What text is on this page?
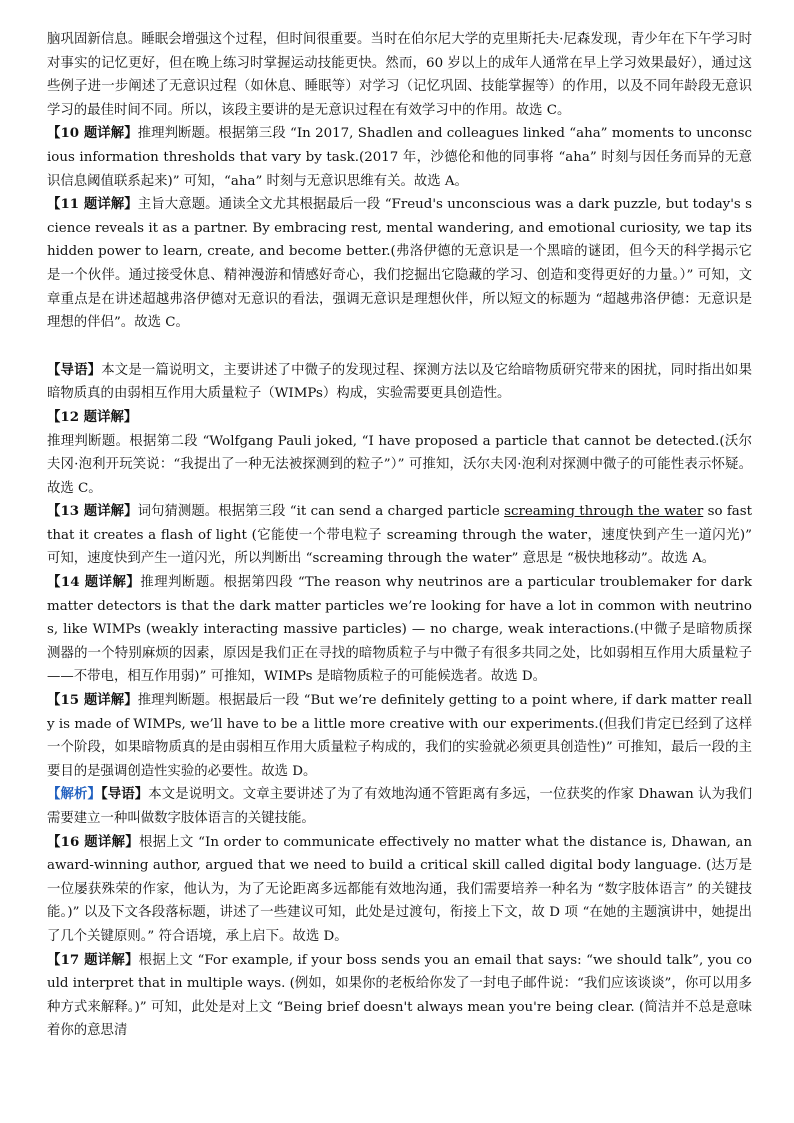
脑巩固新信息。睡眠会增强这个过程，但时间很重要。当时在伯尔尼大学的克里斯托夫·尼森发现，青少年在下午学习时对事实的记忆更好，但在晚上练习时掌握运动技能更快。然而，60 岁以上的成年人通常在早上学习效果最好），通过这些例子进一步阐述了无意识过程（如休息、睡眠等）对学习（记忆巩固、技能掌握等）的作用，以及不同年龄段无意识学习的最佳时间不同。所以，该段主要讲的是无意识过程在有效学习中的作用。故选 C。

【10 题详解】推理判断题。根据第三段 “In 2017, Shadlen and colleagues linked “aha” moments to unconscious information thresholds that vary by task.(2017 年，沙德伦和他的同事将 “aha” 时刻与因任务而异的无意识信息阈值联系起来)” 可知，“aha” 时刻与无意识思维有关。故选 A。

【11 题详解】主旨大意题。通读全文尤其根据最后一段 “Freud's unconscious was a dark puzzle, but today's science reveals it as a partner. By embracing rest, mental wandering, and emotional curiosity, we tap its hidden power to learn, create, and become better.(弗洛伊德的无意识是一个黑暗的谜团，但今天的科学揭示它是一个伙伴。通过接受休息、精神漫游和情感好奇心，我们挖掘出它隐藏的学习、创造和变得更好的力量。）” 可知，文章重点是在讲述超越弗洛伊德对无意识的看法，强调无意识是理想伙伴，所以短文的标题为 “超越弗洛伊德：无意识是理想的伴侣”。故选 C。

【导语】本文是一篇说明文，主要讲述了中微子的发现过程、探测方法以及它给暗物质研究带来的困扰，同时指出如果暗物质真的由弱相互作用大质量粒子（WIMPs）构成，实验需要更具创造性。

【12 题详解】

推理判断题。根据第二段 “Wolfgang Pauli joked, “I have proposed a particle that cannot be detected.(沃尔夫冈·泡利开玩笑说：“我提出了一种无法被探测到的粒子”）” 可推知，沃尔夫冈·泡利对探测中微子的可能性表示怀疑。故选 C。

【13 题详解】词句猜测题。根据第三段 “it can send a charged particle screaming through the water so fast that it creates a flash of light (它能使一个带电粒子 screaming through the water，速度快到产生一道闪光)” 可知，速度快到产生一道闪光，所以判断出 “screaming through the water” 意思是 “极快地移动”。故选 A。

【14 题详解】推理判断题。根据第四段 “The reason why neutrinos are a particular troublemaker for dark matter detectors is that the dark matter particles we’re looking for have a lot in common with neutrinos, like WIMPs (weakly interacting massive particles) — no charge, weak interactions.(中微子是暗物质探测器的一个特别麻烦的因素，原因是我们正在寻找的暗物质粒子与中微子有很多共同之处，比如弱相互作用大质量粒子——不带电，相互作用弱)” 可推知，WIMPs 是暗物质粒子的可能候选者。故选 D。

【15 题详解】推理判断题。根据最后一段 “But we’re definitely getting to a point where, if dark matter really is made of WIMPs, we’ll have to be a little more creative with our experiments.(但我们肯定已经到了这样一个阶段，如果暗物质真的是由弱相互作用大质量粒子构成的，我们的实验就必须更具创造性)” 可推知，最后一段的主要目的是强调创造性实验的必要性。故选 D。

【解析】【导语】本文是说明文。文章主要讲述了为了有效地沟通不管距离有多远，一位获奖的作家 Dhawan 认为我们需要建立一种叫做数字肢体语言的关键技能。

【16 题详解】根据上文 “In order to communicate effectively no matter what the distance is, Dhawan, an award-winning author, argued that we need to build a critical skill called digital body language. (达万是一位屡获殊荣的作家，他认为，为了无论距离多远都能有效地沟通，我们需要培养一种名为 “数字肢体语言” 的关键技能。)” 以及下文各段落标题，讲述了一些建议可知，此处是过渡句，衔接上下文，故 D 项 “在她的主题演讲中，她提出了几个关键原则。” 符合语境，承上启下。故选 D。

【17 题详解】根据上文 “For example, if your boss sends you an email that says: “we should talk”, you could interpret that in multiple ways. (例如，如果你的老板给你发了一封电子邮件说：“我们应该谈谈”，你可以用多种方式来解释。)” 可知，此处是对上文 “Being brief doesn't always mean you're being clear. (简洁并不总是意味着你的意思清
